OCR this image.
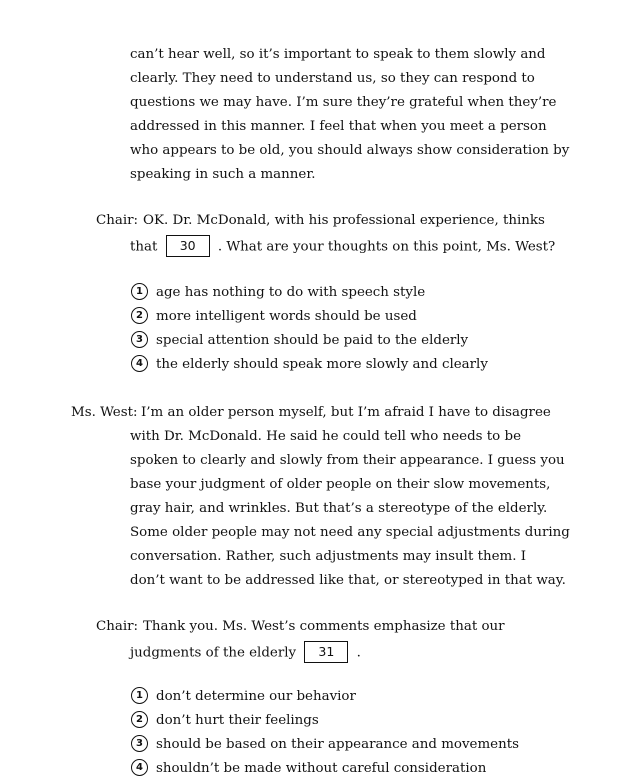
can’t hear well, so it’s important to speak to them slowly and
clearly. They need to understand us, so they can respond to
questions we may have. I’m sure they’re grateful when they’re
addressed in this manner. I feel that when you meet a person
who appears to be old, you should always show consideration by
speaking in such a manner.
Chair: OK. Dr. McDonald, with his professional experience, thinks
that 30 . What are your thoughts on this point, Ms. West?
1 age has nothing to do with speech style
2 more intelligent words should be used
3 special attention should be paid to the elderly
4 the elderly should speak more slowly and clearly
Ms. West: I’m an older person myself, but I’m afraid I have to disagree
with Dr. McDonald. He said he could tell who needs to be
spoken to clearly and slowly from their appearance. I guess you
base your judgment of older people on their slow movements,
gray hair, and wrinkles. But that’s a stereotype of the elderly.
Some older people may not need any special adjustments during
conversation. Rather, such adjustments may insult them. I
don’t want to be addressed like that, or stereotyped in that way.
Chair: Thank you. Ms. West’s comments emphasize that our
judgments of the elderly 31 .
1 don’t determine our behavior
2 don’t hurt their feelings
3 should be based on their appearance and movements
4 shouldn’t be made without careful consideration
